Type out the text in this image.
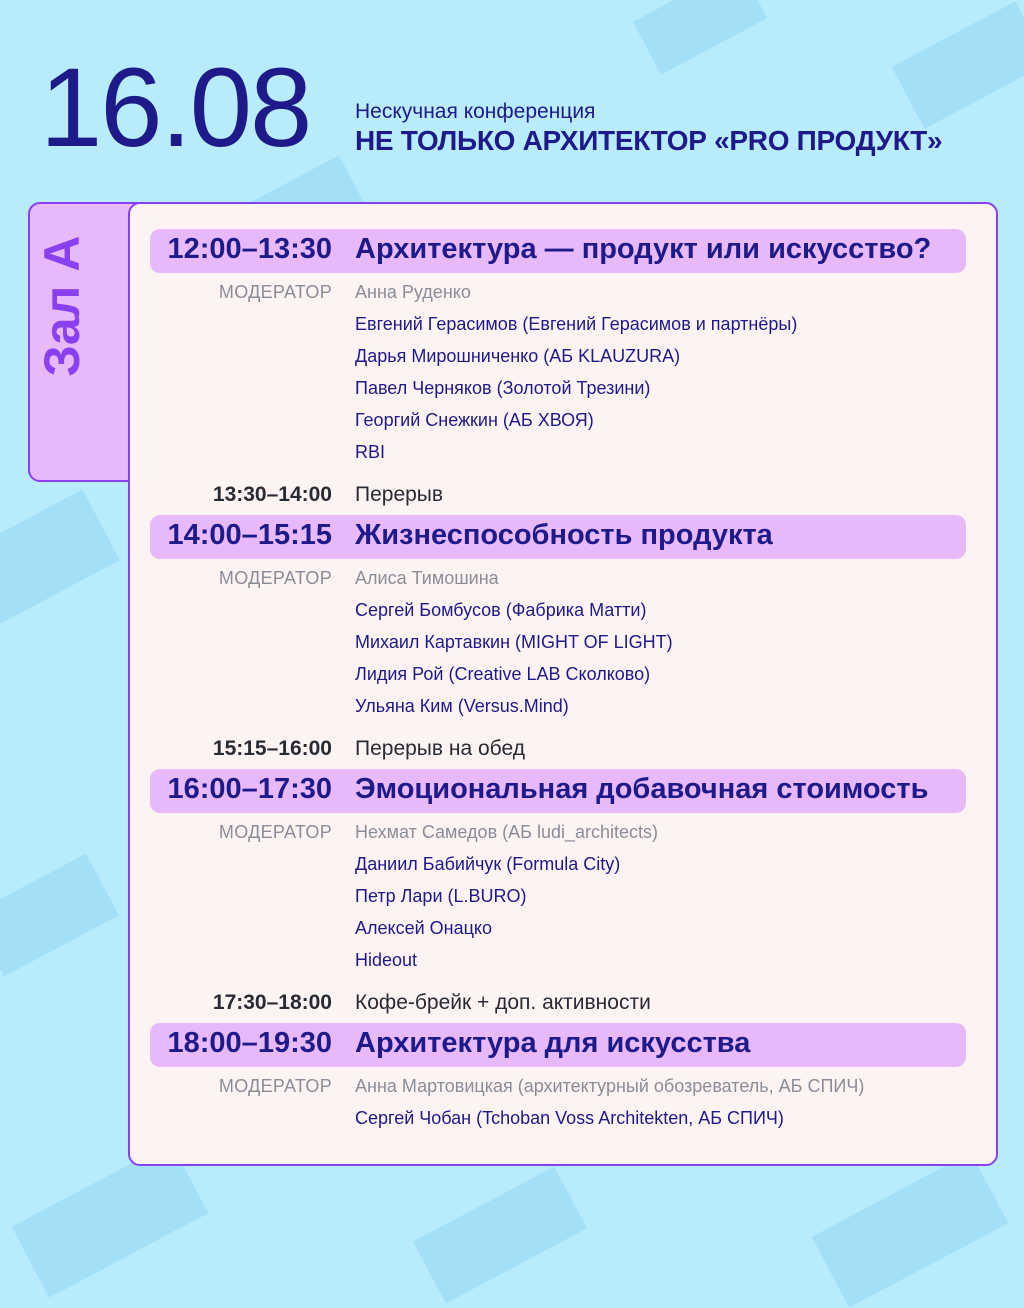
16.08 Нескучная конференция
НЕ ТОЛЬКО АРХИТЕКТОР «PRO ПРОДУКТ»
Зал А	12:00–13:30 Архитектура — продукт или искусство?
МОДЕРАТОР Анна Руденко
Евгений Герасимов (Евгений Герасимов и партнёры)
Дарья Мирошниченко (АБ KLAUZURA)
Павел Черняков (Золотой Трезини)
Георгий Снежкин (АБ ХВОЯ)
RBI
13:30–14:00 Перерыв
14:00–15:15 Жизнеспособность продукта
МОДЕРАТОР Алиса Тимошина
Сергей Бомбусов (Фабрика Матти)
Михаил Картавкин (MIGHT OF LIGHT)
Лидия Рой (Creative LAB Сколково)
Ульяна Ким (Versus.Mind)
15:15–16:00 Перерыв на обед
16:00–17:30 Эмоциональная добавочная стоимость
МОДЕРАТОР Нехмат Самедов (АБ ludi_architects)
Даниил Бабийчук (Formula City)
Петр Лари (L.BURO)
Алексей Онацко
Hideout
17:30–18:00 Кофе-брейк + доп. активности
18:00–19:30 Архитектура для искусства
МОДЕРАТОР Анна Мартовицкая (архитектурный обозреватель, АБ СПИЧ)
Сергей Чобан (Tchoban Voss Architekten, АБ СПИЧ)
